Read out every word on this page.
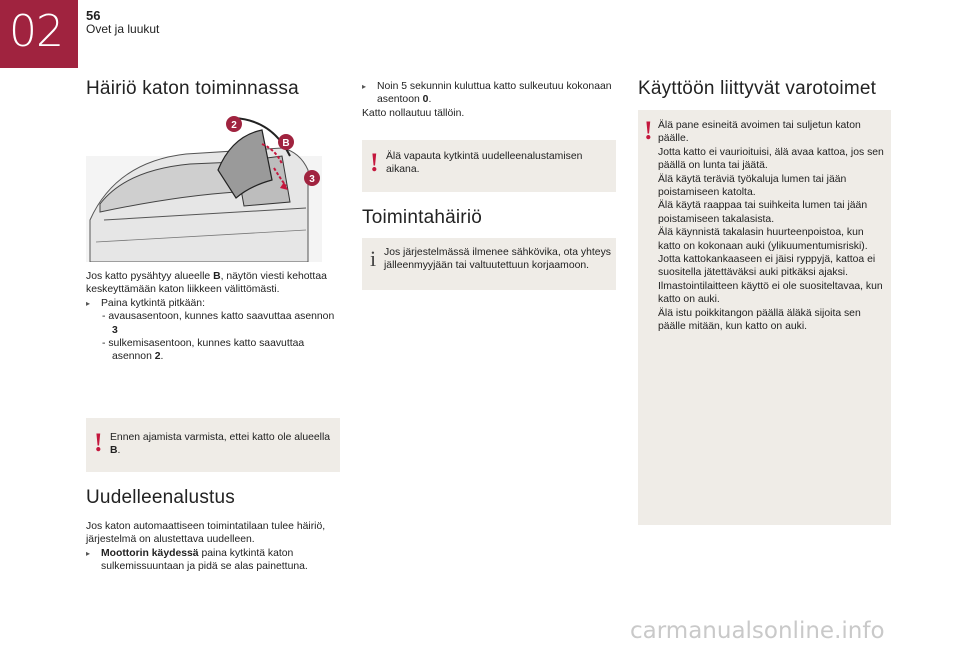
02 56
Ovet ja luukut
Häiriö katon toiminnassa
2
B
3

Jos katto pysähtyy alueelle B, näytön viesti kehottaa keskeyttämään katon liikkeen välittömästi.

▸ Paina kytkintä pitkään:

- avausasentoon, kunnes katto saavuttaa asennon 3

- sulkemisasentoon, kunnes katto saavuttaa asennon 2.

! Ennen ajamista varmista, ettei katto ole alueella B.
Uudelleenalustus

Jos katon automaattiseen toimintatilaan tulee häiriö, järjestelmä on alustettava uudelleen.

▸ Moottorin käydessä paina kytkintä katon sulkemissuuntaan ja pidä se alas painettuna.

▸ Noin 5 sekunnin kuluttua katto sulkeutuu kokonaan asentoon 0.

Katto nollautuu tällöin.

! Älä vapauta kytkintä uudelleenalustamisen aikana.
Toimintahäiriö
i Jos järjestelmässä ilmenee sähkövika, ota yhteys jälleenmyyjään tai valtuutettuun korjaamoon.
Käyttöön liittyvät varotoimet
! Älä pane esineitä avoimen tai suljetun katon päälle.

Jotta katto ei vaurioituisi, älä avaa kattoa, jos sen päällä on lunta tai jäätä.

Älä käytä teräviä työkaluja lumen tai jään poistamiseen katolta.

Älä käytä raappaa tai suihkeita lumen tai jään poistamiseen takalasista.

Älä käynnistä takalasin huurteenpoistoa, kun katto on kokonaan auki (ylikuumentumisriski).

Jotta kattokankaaseen ei jäisi ryppyjä, kattoa ei suositella jätettäväksi auki pitkäksi ajaksi.

Ilmastointilaitteen käyttö ei ole suositeltavaa, kun katto on auki.

Älä istu poikkitangon päällä äläkä sijoita sen päälle mitään, kun katto on auki.

carmanualsonline.info
